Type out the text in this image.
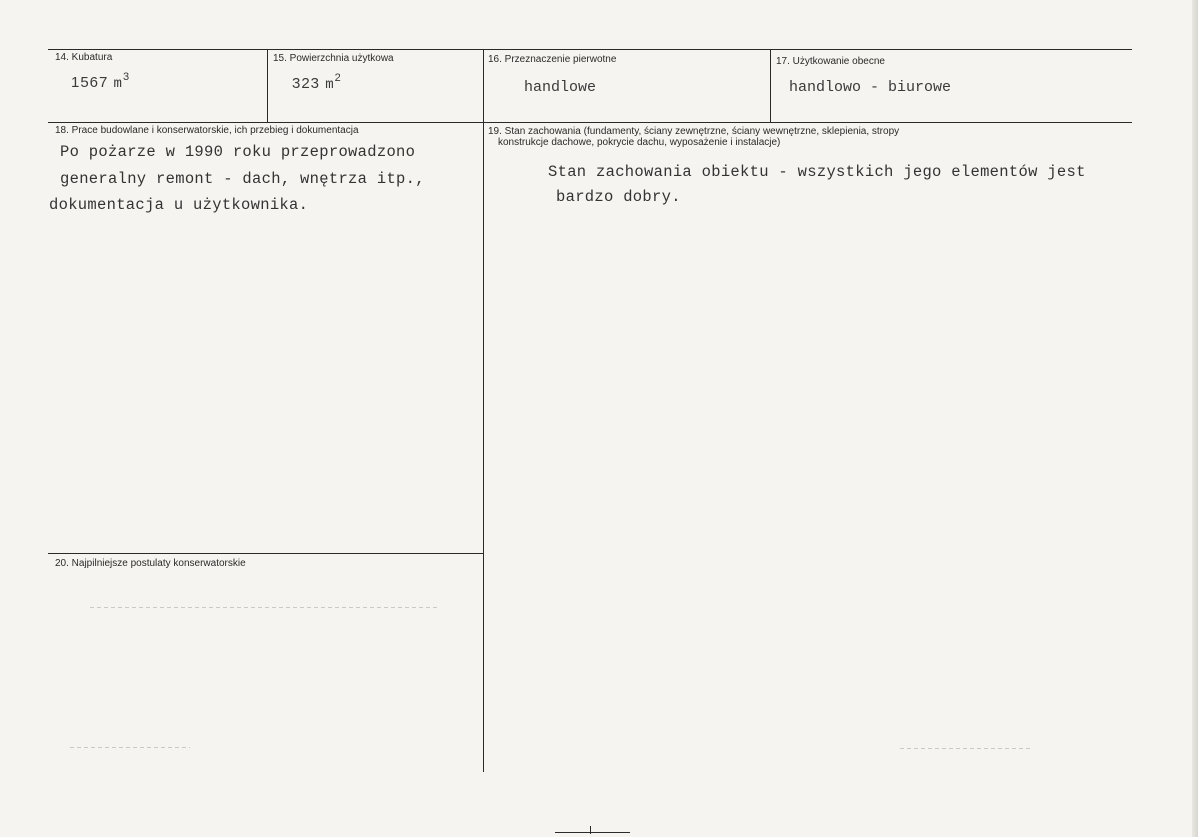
14. Kubatura
1567 $m^3$
15. Powierzchnia użytkowa
323 $m^2$
16. Przeznaczenie pierwotne
handlowe
17. Użytkowanie obecne
handlowo - biurowe
18. Prace budowlane i konserwatorskie, ich przebieg i dokumentacja
Po pożarze w 1990 roku przeprowadzono
generalny remont - dach, wnętrza itp.,
dokumentacja u użytkownika.
19. Stan zachowania (fundamenty, ściany zewnętrzne, ściany wewnętrzne, sklepienia, stropy
konstrukcje dachowe, pokrycie dachu, wyposażenie i instalacje)
Stan zachowania obiektu - wszystkich jego elementów jest
bardzo dobry.
20. Najpilniejsze postulaty konserwatorskie
